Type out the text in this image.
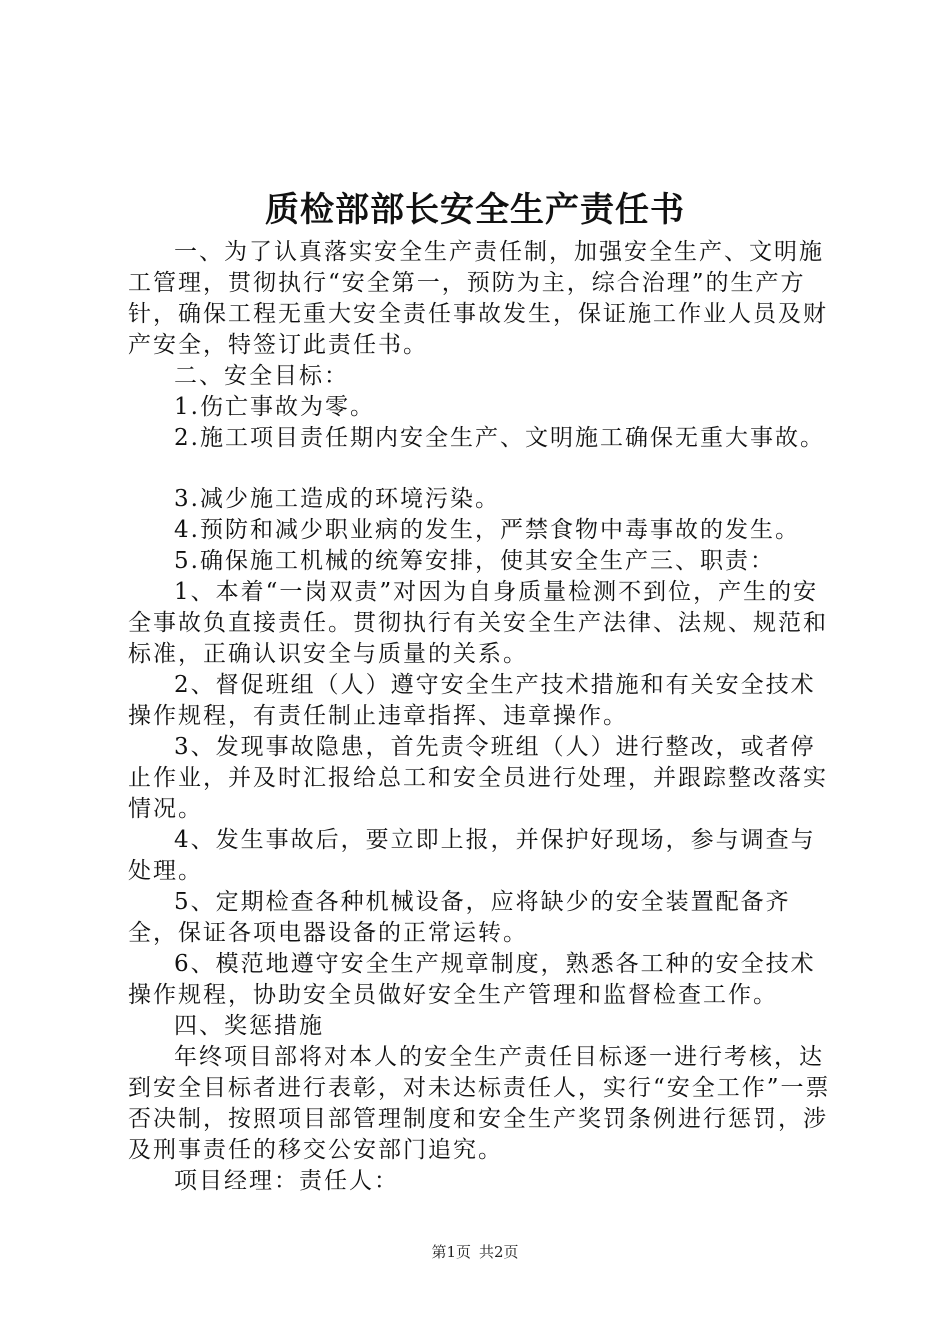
质检部部长安全生产责任书

一、为了认真落实安全生产责任制，加强安全生产、文明施工管理，贯彻执行“安全第一，预防为主，综合治理”的生产方针，确保工程无重大安全责任事故发生，保证施工作业人员及财产安全，特签订此责任书。

二、安全目标：

1.伤亡事故为零。

2.施工项目责任期内安全生产、文明施工确保无重大事故。

3.减少施工造成的环境污染。

4.预防和减少职业病的发生，严禁食物中毒事故的发生。

5.确保施工机械的统筹安排，使其安全生产三、职责：

1、本着“一岗双责”对因为自身质量检测不到位，产生的安全事故负直接责任。贯彻执行有关安全生产法律、法规、规范和标准，正确认识安全与质量的关系。

2、督促班组（人）遵守安全生产技术措施和有关安全技术操作规程，有责任制止违章指挥、违章操作。

3、发现事故隐患，首先责令班组（人）进行整改，或者停止作业，并及时汇报给总工和安全员进行处理，并跟踪整改落实情况。

4、发生事故后，要立即上报，并保护好现场，参与调查与处理。

5、定期检查各种机械设备，应将缺少的安全装置配备齐全，保证各项电器设备的正常运转。

6、模范地遵守安全生产规章制度，熟悉各工种的安全技术操作规程，协助安全员做好安全生产管理和监督检查工作。

四、奖惩措施

年终项目部将对本人的安全生产责任目标逐一进行考核，达到安全目标者进行表彰，对未达标责任人，实行“安全工作”一票否决制，按照项目部管理制度和安全生产奖罚条例进行惩罚，涉及刑事责任的移交公安部门追究。

项目经理：责任人：

第1页 共2页
